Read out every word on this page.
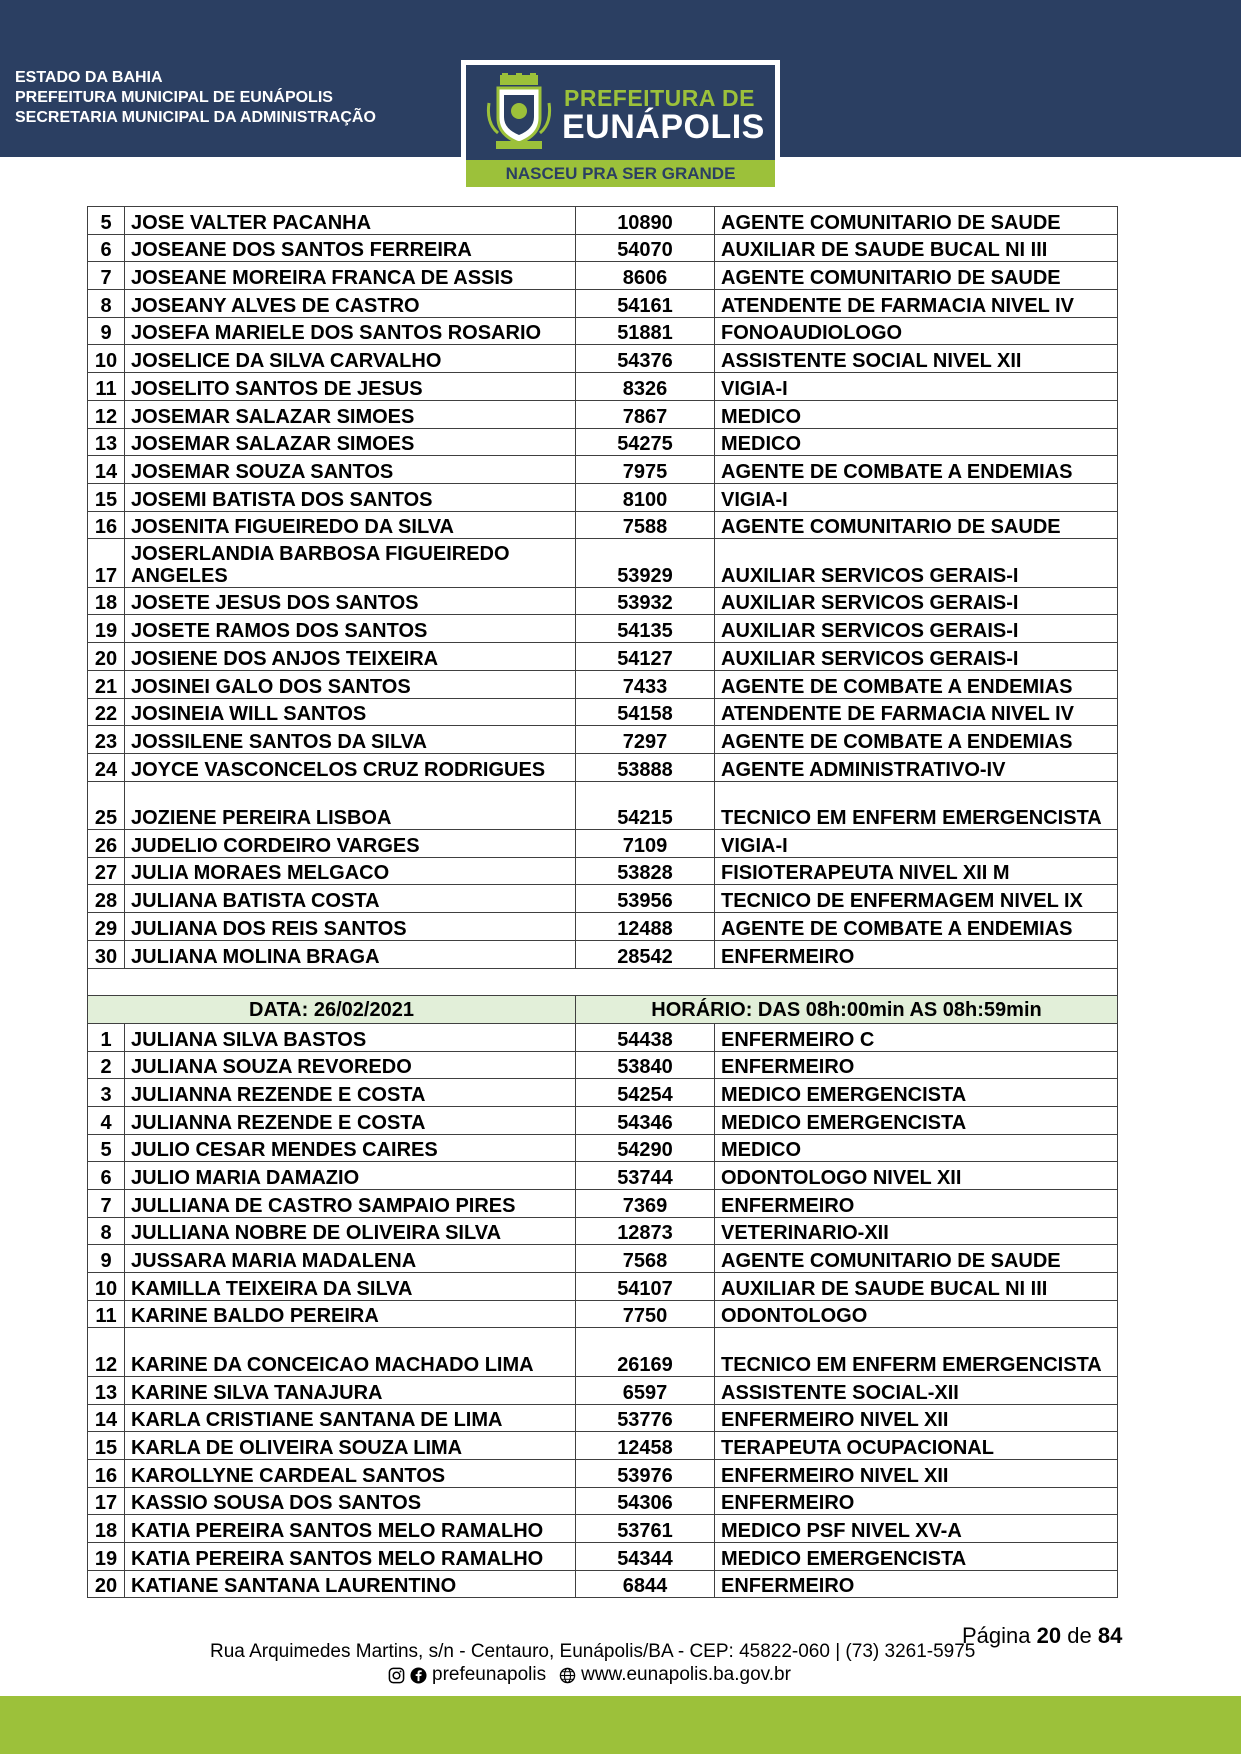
ESTADO DA BAHIA
PREFEITURA MUNICIPAL DE EUNÁPOLIS
SECRETARIA MUNICIPAL DA ADMINISTRAÇÃO
PREFEITURA DE
EUNÁPOLIS
NASCEU PRA SER GRANDE
5	JOSE VALTER PACANHA	10890	AGENTE COMUNITARIO DE SAUDE
6	JOSEANE DOS SANTOS FERREIRA	54070	AUXILIAR DE SAUDE BUCAL NI III
7	JOSEANE MOREIRA FRANCA DE ASSIS	8606	AGENTE COMUNITARIO DE SAUDE
8	JOSEANY ALVES DE CASTRO	54161	ATENDENTE DE FARMACIA NIVEL IV
9	JOSEFA MARIELE DOS SANTOS ROSARIO	51881	FONOAUDIOLOGO
10	JOSELICE DA SILVA CARVALHO	54376	ASSISTENTE SOCIAL NIVEL XII
11	JOSELITO SANTOS DE JESUS	8326	VIGIA-I
12	JOSEMAR SALAZAR SIMOES	7867	MEDICO
13	JOSEMAR SALAZAR SIMOES	54275	MEDICO
14	JOSEMAR SOUZA SANTOS	7975	AGENTE DE COMBATE A ENDEMIAS
15	JOSEMI BATISTA DOS SANTOS	8100	VIGIA-I
16	JOSENITA FIGUEIREDO DA SILVA	7588	AGENTE COMUNITARIO DE SAUDE
17	JOSERLANDIA BARBOSA FIGUEIREDO ANGELES	53929	AUXILIAR SERVICOS GERAIS-I
18	JOSETE JESUS DOS SANTOS	53932	AUXILIAR SERVICOS GERAIS-I
19	JOSETE RAMOS DOS SANTOS	54135	AUXILIAR SERVICOS GERAIS-I
20	JOSIENE DOS ANJOS TEIXEIRA	54127	AUXILIAR SERVICOS GERAIS-I
21	JOSINEI GALO DOS SANTOS	7433	AGENTE DE COMBATE A ENDEMIAS
22	JOSINEIA WILL SANTOS	54158	ATENDENTE DE FARMACIA NIVEL IV
23	JOSSILENE SANTOS DA SILVA	7297	AGENTE DE COMBATE A ENDEMIAS
24	JOYCE VASCONCELOS CRUZ RODRIGUES	53888	AGENTE ADMINISTRATIVO-IV
25	JOZIENE PEREIRA LISBOA	54215	TECNICO EM ENFERM EMERGENCISTA
26	JUDELIO CORDEIRO VARGES	7109	VIGIA-I
27	JULIA MORAES MELGACO	53828	FISIOTERAPEUTA NIVEL XII M
28	JULIANA BATISTA COSTA	53956	TECNICO DE ENFERMAGEM NIVEL IX
29	JULIANA DOS REIS SANTOS	12488	AGENTE DE COMBATE A ENDEMIAS
30	JULIANA MOLINA BRAGA	28542	ENFERMEIRO

DATA: 26/02/2021		HORÁRIO: DAS 08h:00min AS 08h:59min	
1	JULIANA SILVA BASTOS	54438	ENFERMEIRO C
2	JULIANA SOUZA REVOREDO	53840	ENFERMEIRO
3	JULIANNA REZENDE E COSTA	54254	MEDICO EMERGENCISTA
4	JULIANNA REZENDE E COSTA	54346	MEDICO EMERGENCISTA
5	JULIO CESAR MENDES CAIRES	54290	MEDICO
6	JULIO MARIA DAMAZIO	53744	ODONTOLOGO NIVEL XII
7	JULLIANA DE CASTRO SAMPAIO PIRES	7369	ENFERMEIRO
8	JULLIANA NOBRE DE OLIVEIRA SILVA	12873	VETERINARIO-XII
9	JUSSARA MARIA MADALENA	7568	AGENTE COMUNITARIO DE SAUDE
10	KAMILLA TEIXEIRA DA SILVA	54107	AUXILIAR DE SAUDE BUCAL NI III
11	KARINE BALDO PEREIRA	7750	ODONTOLOGO
12	KARINE DA CONCEICAO MACHADO LIMA	26169	TECNICO EM ENFERM EMERGENCISTA
13	KARINE SILVA TANAJURA	6597	ASSISTENTE SOCIAL-XII
14	KARLA CRISTIANE SANTANA DE LIMA	53776	ENFERMEIRO NIVEL XII
15	KARLA DE OLIVEIRA SOUZA LIMA	12458	TERAPEUTA OCUPACIONAL
16	KAROLLYNE CARDEAL SANTOS	53976	ENFERMEIRO NIVEL XII
17	KASSIO SOUSA DOS SANTOS	54306	ENFERMEIRO
18	KATIA PEREIRA SANTOS MELO RAMALHO	53761	MEDICO PSF NIVEL XV-A
19	KATIA PEREIRA SANTOS MELO RAMALHO	54344	MEDICO EMERGENCISTA
20	KATIANE SANTANA LAURENTINO	6844	ENFERMEIRO
Página 20 de 84
Rua Arquimedes Martins, s/n - Centauro, Eunápolis/BA - CEP: 45822-060 | (73) 3261-5975
prefeunapolis www.eunapolis.ba.gov.br
